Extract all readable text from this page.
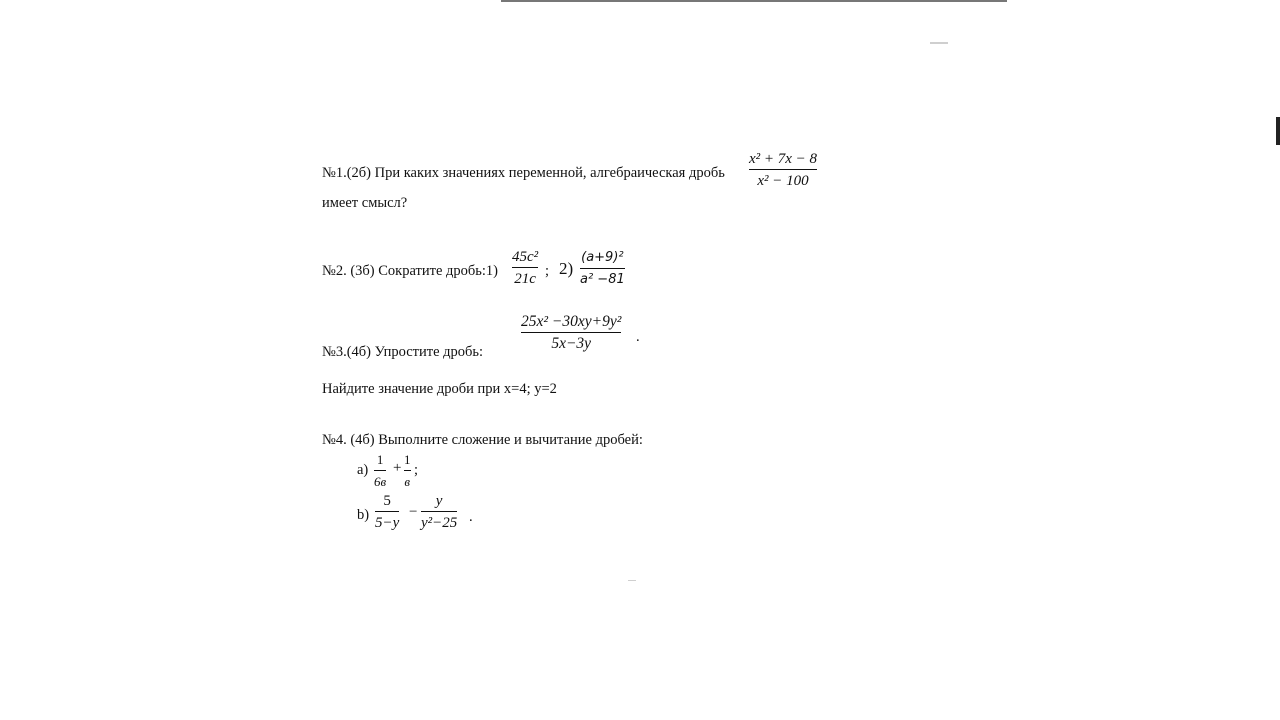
№1.(2б) При каких значениях переменной, алгебраическая дробь
x² + 7x − 8
x² − 100
имеет смысл?
№2. (3б) Сократите дробь:1)
45c²
21c ; 2)
(a+9)²
a² −81
25x² −30xy+9y²
5x−3y	.
№3.(4б) Упростите дробь:
Найдите значение дроби при x=4; y=2
№4. (4б) Выполните сложение и вычитание дробей:
a)
1
6в
+
1
в
;
b)
5
5−y
−
y
y²−25 .
